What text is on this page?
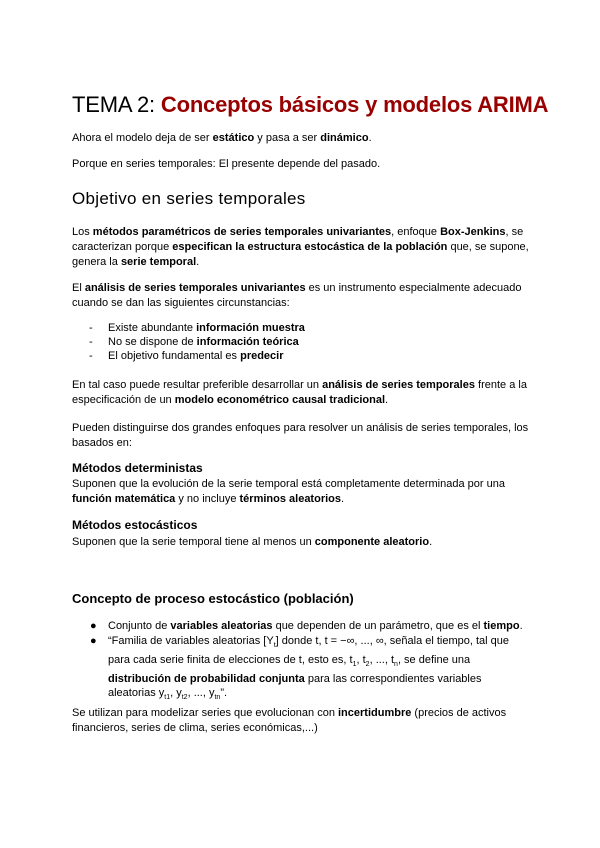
TEMA 2: Conceptos básicos y modelos ARIMA

Ahora el modelo deja de ser estático y pasa a ser dinámico.

Porque en series temporales: El presente depende del pasado.

Objetivo en series temporales

Los métodos paramétricos de series temporales univariantes, enfoque Box-Jenkins, se caracterizan porque especifican la estructura estocástica de la población que, se supone, genera la serie temporal.

El análisis de series temporales univariantes es un instrumento especialmente adecuado cuando se dan las siguientes circunstancias:

- Existe abundante información muestra
- No se dispone de información teórica
- El objetivo fundamental es predecir

En tal caso puede resultar preferible desarrollar un análisis de series temporales frente a la especificación de un modelo econométrico causal tradicional.

Pueden distinguirse dos grandes enfoques para resolver un análisis de series temporales, los basados en:

Métodos deterministas

Suponen que la evolución de la serie temporal está completamente determinada por una función matemática y no incluye términos aleatorios.

Métodos estocásticos

Suponen que la serie temporal tiene al menos un componente aleatorio.

Concepto de proceso estocástico (población)
● Conjunto de variables aleatorias que dependen de un parámetro, que es el tiempo.
● “Familia de variables aleatorias $[Y_t]$ donde t, t = −∞, ..., ∞, señala el tiempo, tal que para cada serie finita de elecciones de t, esto es, $t_1$, $t_2$, ..., $t_n$, se define una distribución de probabilidad conjunta para las correspondientes variables aleatorias $y_{t1}$, $y_{t2}$, ..., $y_{tn}$”.

Se utilizan para modelizar series que evolucionan con incertidumbre (precios de activos financieros, series de clima, series económicas,...)
